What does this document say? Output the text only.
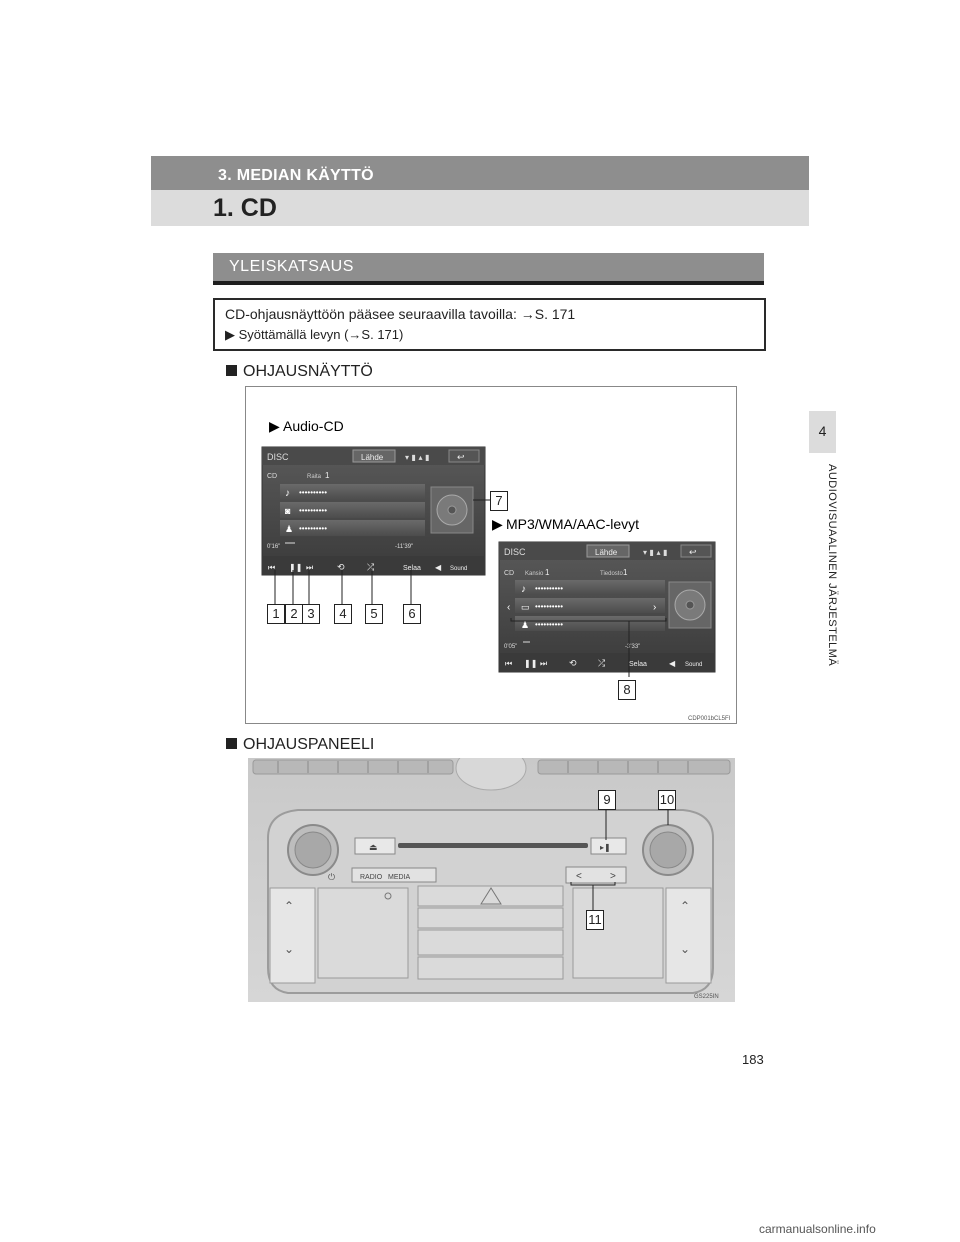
3. MEDIAN KÄYTTÖ
1. CD
4
AUDIOVISUAALINEN JÄRJESTELMÄ
YLEISKATSAUS
CD-ohjausnäyttöön pääsee seuraavilla tavoilla: →S. 171
▶ Syöttämällä levyn (→S. 171)
OHJAUSNÄYTTÖ
▶ Audio-CD
DISC	Lähde	▾ ▮ ▴ ▮	↩
CD	Raita 1
♪ ••••••••••
◙ ••••••••••
♟ ••••••••••
0'16"	-11'39"
⏮ ❚❚ ⏭	⟲ ⤮	Selaa ◀ Sound
▶ MP3/WMA/AAC-levyt
DISC	Lähde	▾ ▮ ▴ ▮ ↩
CD Kansio 1	Tiedosto 1
♪ ••••••••••
‹ ▭ ••••••••••	›
♟ ••••••••••
0'05"	-3'33"
⏮ ❚❚ ⏭ ⟲ ⤮	Selaa	◀ Sound
CDP001bCL5FI
1 2 3	4	5	6
7
8
OHJAUSPANEELI
⏏	▸❚
⏻	RADIO MEDIA	<	>
⌃
⌄
⌃
⌄
GS225IN
9	10
11
183
carmanualsonline.info
